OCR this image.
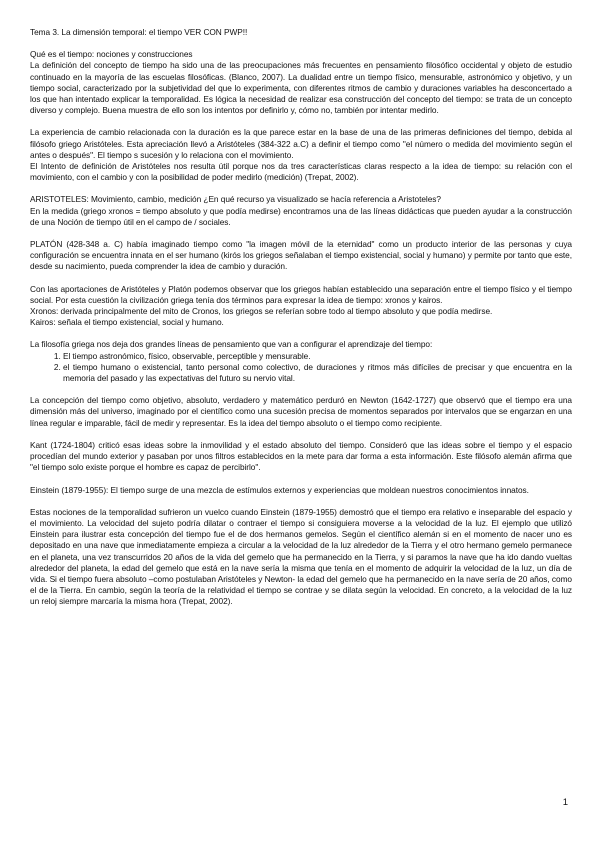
Tema 3. La dimensión temporal: el tiempo VER CON PWP!!

Qué es el tiempo: nociones y construcciones

La definición del concepto de tiempo ha sido una de las preocupaciones más frecuentes en pensamiento filosófico occidental y objeto de estudio continuado en la mayoría de las escuelas filosóficas. (Blanco, 2007). La dualidad entre un tiempo físico, mensurable, astronómico y objetivo, y un tiempo social, caracterizado por la subjetividad del que lo experimenta, con diferentes ritmos de cambio y duraciones variables ha desconcertado a los que han intentado explicar la temporalidad. Es lógica la necesidad de realizar esa construcción del concepto del tiempo: se trata de un concepto diverso y complejo. Buena muestra de ello son los intentos por definirlo y, cómo no, también por intentar medirlo.

La experiencia de cambio relacionada con la duración es la que parece estar en la base de una de las primeras definiciones del tiempo, debida al filósofo griego Aristóteles. Esta apreciación llevó a Aristóteles (384-322 a.C) a definir el tiempo como "el número o medida del movimiento según el antes o después". El tiempo s sucesión y lo relaciona con el movimiento.

El Intento de definición de Aristóteles nos resulta útil porque nos da tres características claras respecto a la idea de tiempo: su relación con el movimiento, con el cambio y con la posibilidad de poder medirlo (medición) (Trepat, 2002).

ARISTOTELES: Movimiento, cambio, medición ¿En qué recurso ya visualizado se hacía referencia a Aristoteles?

En la medida (griego xronos = tiempo absoluto y que podía medirse) encontramos una de las líneas didácticas que pueden ayudar a la construcción de una Noción de tiempo útil en el campo de / sociales.

PLATÓN (428-348 a. C) había imaginado tiempo como "la imagen móvil de la eternidad" como un producto interior de las personas y cuya configuración se encuentra innata en el ser humano (kirós los griegos señalaban el tiempo existencial, social y humano) y permite por tanto que este, desde su nacimiento, pueda comprender la idea de cambio y duración.

Con las aportaciones de Aristóteles y Platón podemos observar que los griegos habían establecido una separación entre el tiempo físico y el tiempo social. Por esta cuestión la civilización griega tenía dos términos para expresar la idea de tiempo: xronos y kairos.

Xronos: derivada principalmente del mito de Cronos, los griegos se referían sobre todo al tiempo absoluto y que podía medirse.

Kairos: señala el tiempo existencial, social y humano.

La filosofía griega nos deja dos grandes líneas de pensamiento que van a configurar el aprendizaje del tiempo:

1. El tiempo astronómico, físico, observable, perceptible y mensurable.
2. el tiempo humano o existencial, tanto personal como colectivo, de duraciones y ritmos más difíciles de precisar y que encuentra en la memoria del pasado y las expectativas del futuro su nervio vital.

La concepción del tiempo como objetivo, absoluto, verdadero y matemático perduró en Newton (1642-1727) que observó que el tiempo era una dimensión más del universo, imaginado por el científico como una sucesión precisa de momentos separados por intervalos que se engarzan en una línea regular e imparable, fácil de medir y representar. Es la idea del tiempo absoluto o el tiempo como recipiente.

Kant (1724-1804) criticó esas ideas sobre la inmovilidad y el estado absoluto del tiempo. Consideró que las ideas sobre el tiempo y el espacio procedían del mundo exterior y pasaban por unos filtros establecidos en la mete para dar forma a esta información. Este filósofo alemán afirma que "el tiempo solo existe porque el hombre es capaz de percibirlo".

Einstein (1879-1955): El tiempo surge de una mezcla de estímulos externos y experiencias que moldean nuestros conocimientos innatos.

Estas nociones de la temporalidad sufrieron un vuelco cuando Einstein (1879-1955) demostró que el tiempo era relativo e inseparable del espacio y el movimiento. La velocidad del sujeto podría dilatar o contraer el tiempo si consiguiera moverse a la velocidad de la luz. El ejemplo que utilizó Einstein para ilustrar esta concepción del tiempo fue el de dos hermanos gemelos. Según el científico alemán si en el momento de nacer uno es depositado en una nave que inmediatamente empieza a circular a la velocidad de la luz alrededor de la Tierra y el otro hermano gemelo permanece en el planeta, una vez transcurridos 20 años de la vida del gemelo que ha permanecido en la Tierra, y si paramos la nave que ha ido dando vueltas alrededor del planeta, la edad del gemelo que está en la nave sería la misma que tenía en el momento de adquirir la velocidad de la luz, un día de vida. Si el tiempo fuera absoluto –como postulaban Aristóteles y Newton- la edad del gemelo que ha permanecido en la nave sería de 20 años, como el de la Tierra. En cambio, según la teoría de la relatividad el tiempo se contrae y se dilata según la velocidad. En concreto, a la velocidad de la luz un reloj siempre marcaría la misma hora (Trepat, 2002).

1
